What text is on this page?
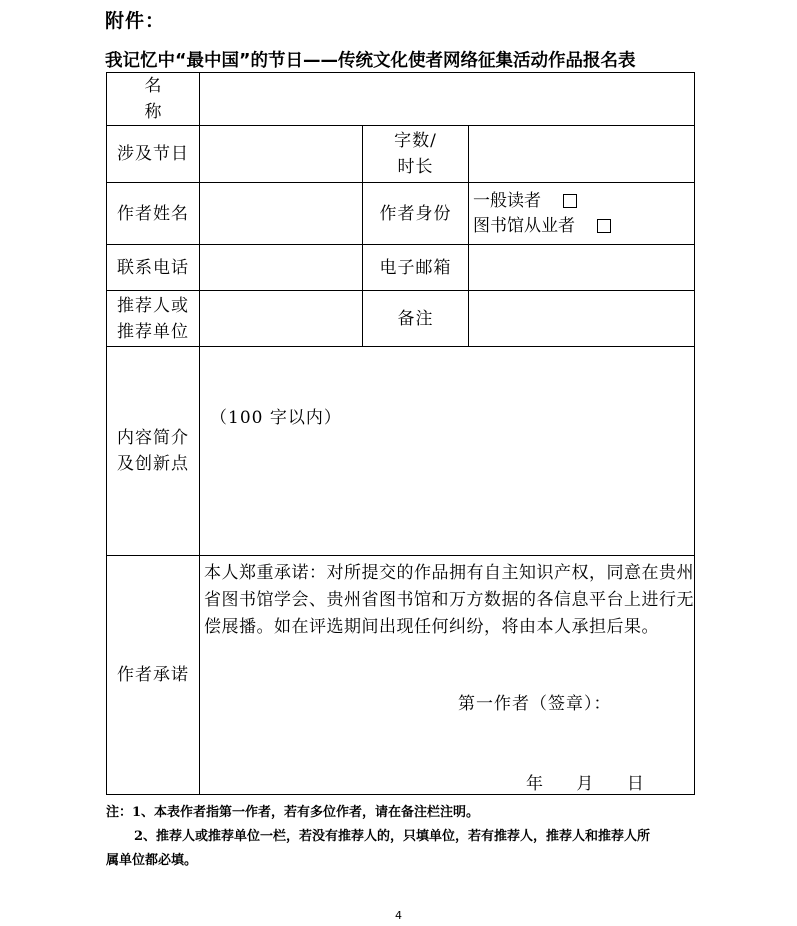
附件：
我记忆中“最中国”的节日——传统文化使者网络征集活动作品报名表
名 称			
涉及节日		字数/
时长	

作者姓名		作者身份	一般读者
图书馆从业者

联系电话		电子邮箱	

推荐人或
推荐单位		备注	

内容简介
及创新点	（100 字以内）		

作者承诺	本人郑重承诺：对所提交的作品拥有自主知识产权，同意在贵州省图书馆学会、贵州省图书馆和万方数据的各信息平台上进行无偿展播。如在评选期间出现任何纠纷，将由本人承担后果。
第一作者（签章）：
年 月 日		
注：1、本表作者指第一作者，若有多位作者，请在备注栏注明。
2、推荐人或推荐单位一栏，若没有推荐人的，只填单位，若有推荐人，推荐人和推荐人所
属单位都必填。
4
